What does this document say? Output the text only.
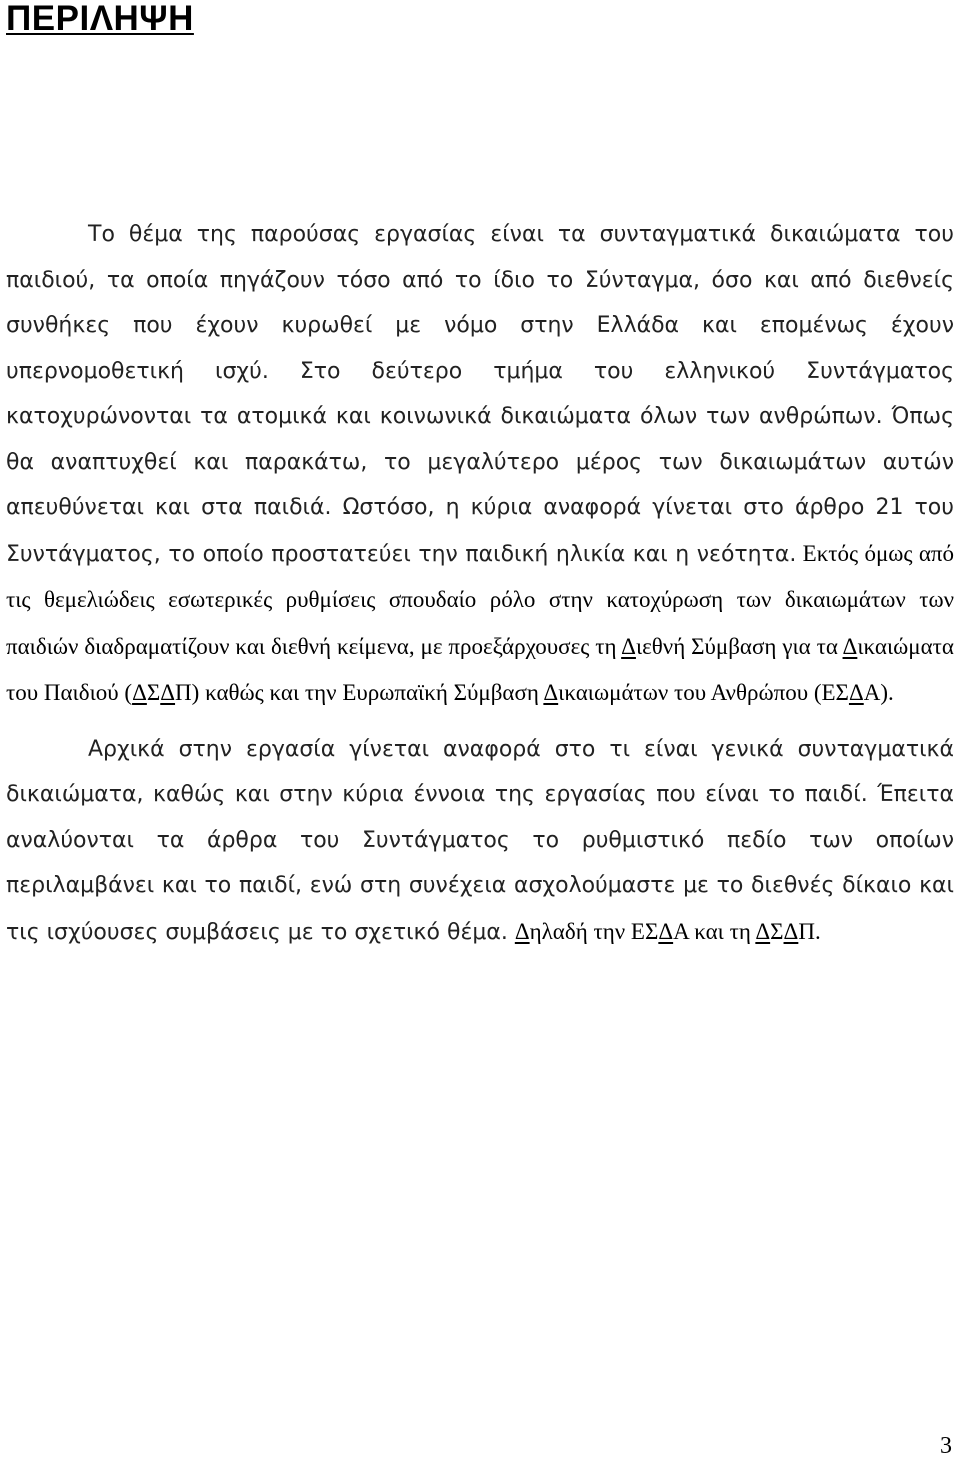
ΠΕΡΙΛΗΨΗ

Το θέμα της παρούσας εργασίας είναι τα συνταγματικά δικαιώματα του παιδιού, τα οποία πηγάζουν τόσο από το ίδιο το Σύνταγμα, όσο και από διεθνείς συνθήκες που έχουν κυρωθεί με νόμο στην Ελλάδα και επομένως έχουν υπερνομοθετική ισχύ. Στο δεύτερο τμήμα του ελληνικού Συντάγματος κατοχυρώνονται τα ατομικά και κοινωνικά δικαιώματα όλων των ανθρώπων. Όπως θα αναπτυχθεί και παρακάτω, το μεγαλύτερο μέρος των δικαιωμάτων αυτών απευθύνεται και στα παιδιά. Ωστόσο, η κύρια αναφορά γίνεται στο άρθρο 21 του Συντάγματος, το οποίο προστατεύει την παιδική ηλικία και η νεότητα. Εκτός όμως από τις θεμελιώδεις εσωτερικές ρυθμίσεις σπουδαίο ρόλο στην κατοχύρωση των δικαιωμάτων των παιδιών διαδραματίζουν και διεθνή κείμενα, με προεξάρχουσες τη Διεθνή Σύμβαση για τα Δικαιώματα του Παιδιού (ΔΣΔΠ) καθώς και την Ευρωπαϊκή Σύμβαση Δικαιωμάτων του Ανθρώπου (ΕΣΔΑ).

Αρχικά στην εργασία γίνεται αναφορά στο τι είναι γενικά συνταγματικά δικαιώματα, καθώς και στην κύρια έννοια της εργασίας που είναι το παιδί. Έπειτα αναλύονται τα άρθρα του Συντάγματος το ρυθμιστικό πεδίο των οποίων περιλαμβάνει και το παιδί, ενώ στη συνέχεια ασχολούμαστε με το διεθνές δίκαιο και τις ισχύουσες συμβάσεις με το σχετικό θέμα. Δηλαδή την ΕΣΔΑ και τη ΔΣΔΠ.

3
